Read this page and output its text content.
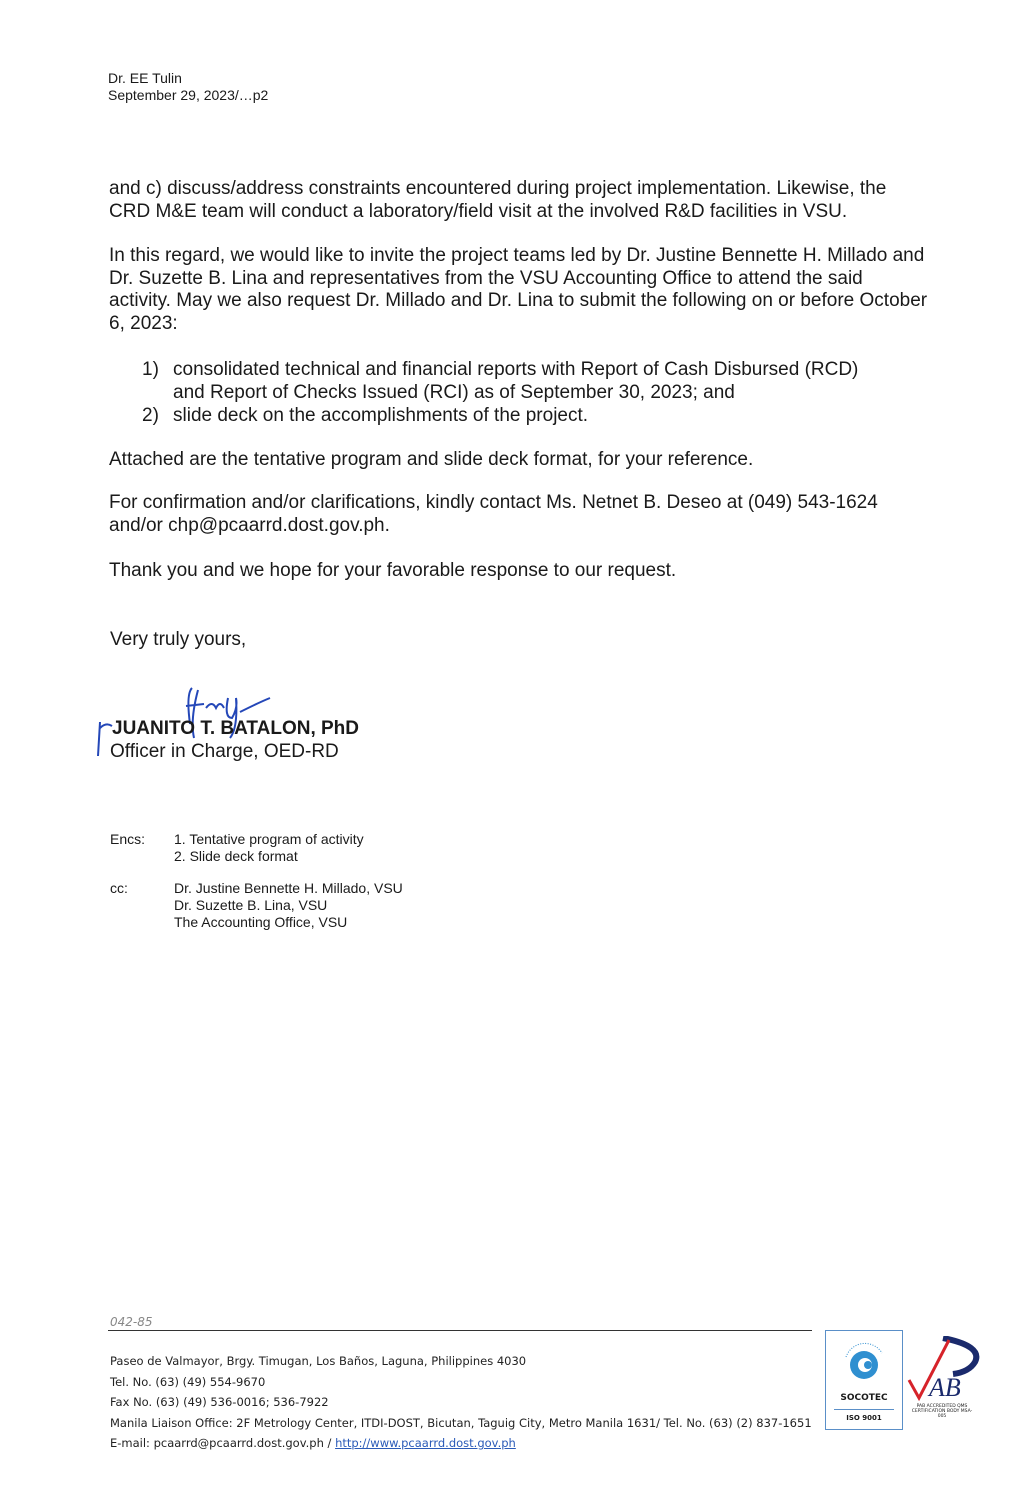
Dr. EE Tulin
September 29, 2023/…p2
and c) discuss/address constraints encountered during project implementation. Likewise, the CRD M&E team will conduct a laboratory/field visit at the involved R&D facilities in VSU.
In this regard, we would like to invite the project teams led by Dr. Justine Bennette H. Millado and Dr. Suzette B. Lina and representatives from the VSU Accounting Office to attend the said activity. May we also request Dr. Millado and Dr. Lina to submit the following on or before October 6, 2023:
1) consolidated technical and financial reports with Report of Cash Disbursed (RCD) and Report of Checks Issued (RCI) as of September 30, 2023; and
2) slide deck on the accomplishments of the project.
Attached are the tentative program and slide deck format, for your reference.
For confirmation and/or clarifications, kindly contact Ms. Netnet B. Deseo at (049) 543-1624 and/or chp@pcaarrd.dost.gov.ph.
Thank you and we hope for your favorable response to our request.
Very truly yours,
JUANITO T. BATALON, PhD
Officer in Charge, OED-RD
Encs: 1. Tentative program of activity
2. Slide deck format
cc:	Dr. Justine Bennette H. Millado, VSU
Dr. Suzette B. Lina, VSU
The Accounting Office, VSU
042-85
Paseo de Valmayor, Brgy. Timugan, Los Baños, Laguna, Philippines 4030
Tel. No. (63) (49) 554-9670
Fax No. (63) (49) 536-0016; 536-7922
Manila Liaison Office: 2F Metrology Center, ITDI-DOST, Bicutan, Taguig City, Metro Manila 1631/ Tel. No. (63) (2) 837-1651
E-mail: pcaarrd@pcaarrd.dost.gov.ph / http://www.pcaarrd.dost.gov.ph
SOCOTEC
ISO 9001
AB
PAB ACCREDITED QMS CERTIFICATION BODY MSA-005
